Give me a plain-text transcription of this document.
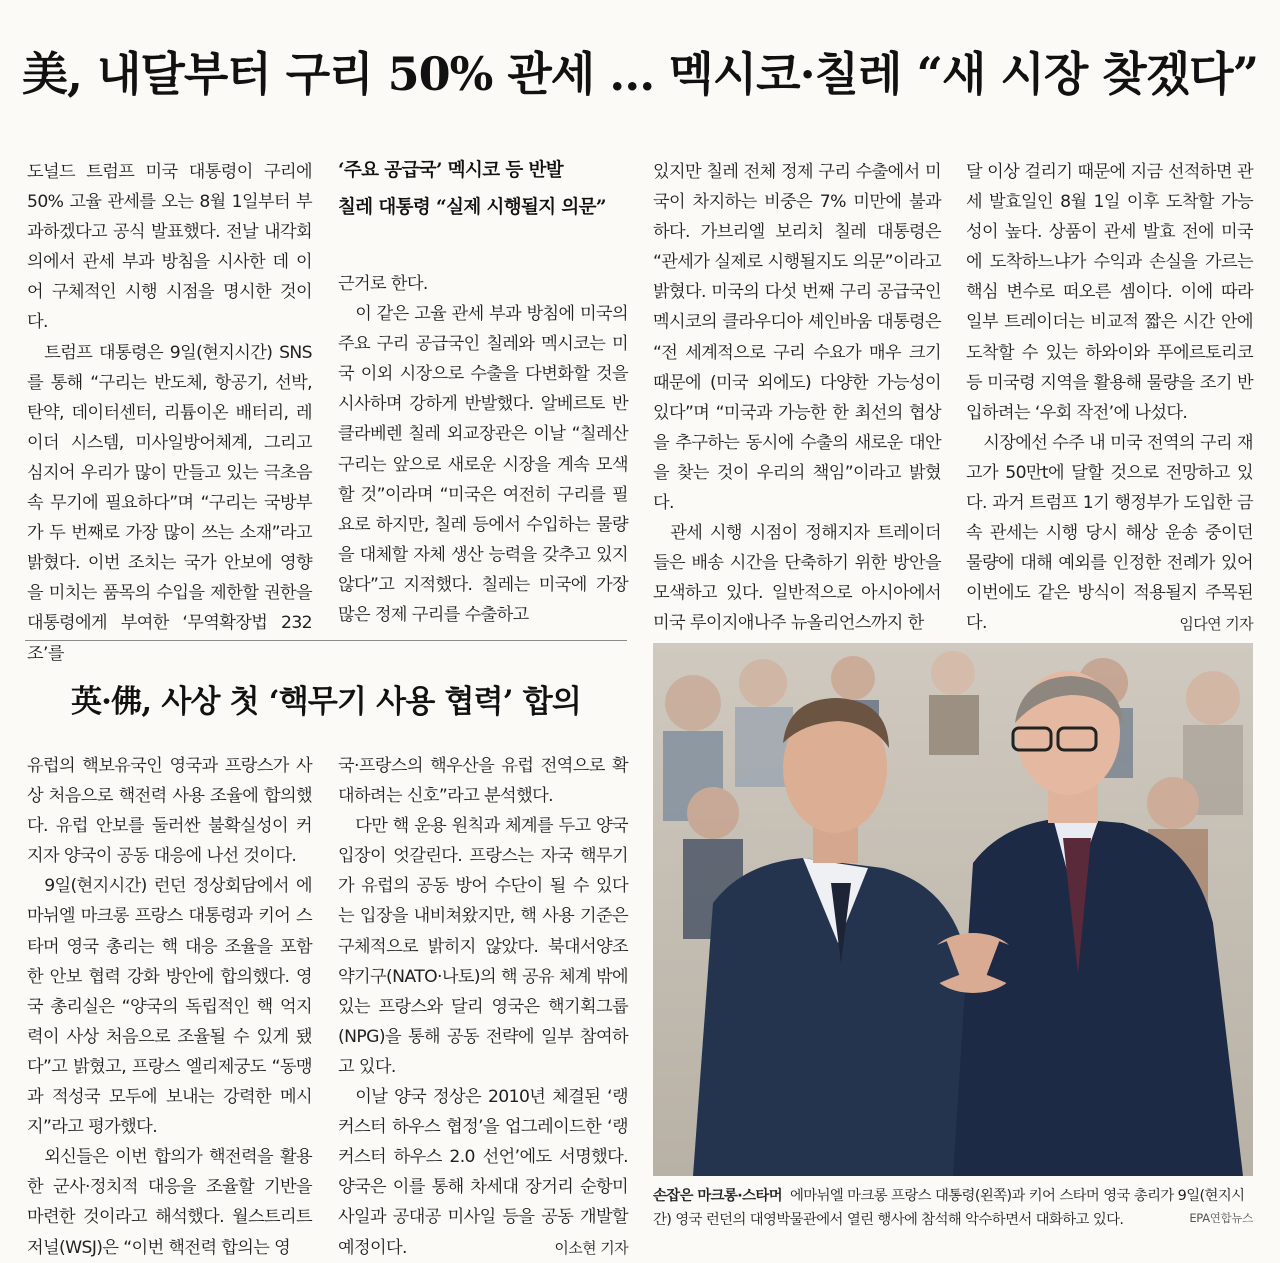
美, 내달부터 구리 50% 관세 … 멕시코·칠레 “새 시장 찾겠다”

도널드 트럼프 미국 대통령이 구리에 50% 고율 관세를 오는 8월 1일부터 부과하겠다고 공식 발표했다. 전날 내각회의에서 관세 부과 방침을 시사한 데 이어 구체적인 시행 시점을 명시한 것이다.

트럼프 대통령은 9일(현지시간) SNS를 통해 “구리는 반도체, 항공기, 선박, 탄약, 데이터센터, 리튬이온 배터리, 레이더 시스템, 미사일방어체계, 그리고 심지어 우리가 많이 만들고 있는 극초음속 무기에 필요하다”며 “구리는 국방부가 두 번째로 가장 많이 쓰는 소재”라고 밝혔다. 이번 조치는 국가 안보에 영향을 미치는 품목의 수입을 제한할 권한을 대통령에게 부여한 ‘무역확장법 232조’를

‘주요 공급국’ 멕시코 등 반발
칠레 대통령 “실제 시행될지 의문”

근거로 한다.

이 같은 고율 관세 부과 방침에 미국의 주요 구리 공급국인 칠레와 멕시코는 미국 이외 시장으로 수출을 다변화할 것을 시사하며 강하게 반발했다. 알베르토 반 클라베렌 칠레 외교장관은 이날 “칠레산 구리는 앞으로 새로운 시장을 계속 모색할 것”이라며 “미국은 여전히 구리를 필요로 하지만, 칠레 등에서 수입하는 물량을 대체할 자체 생산 능력을 갖추고 있지 않다”고 지적했다. 칠레는 미국에 가장 많은 정제 구리를 수출하고

있지만 칠레 전체 정제 구리 수출에서 미국이 차지하는 비중은 7% 미만에 불과하다. 가브리엘 보리치 칠레 대통령은 “관세가 실제로 시행될지도 의문”이라고 밝혔다. 미국의 다섯 번째 구리 공급국인 멕시코의 클라우디아 셰인바움 대통령은 “전 세계적으로 구리 수요가 매우 크기 때문에 (미국 외에도) 다양한 가능성이 있다”며 “미국과 가능한 한 최선의 협상을 추구하는 동시에 수출의 새로운 대안을 찾는 것이 우리의 책임”이라고 밝혔다.

관세 시행 시점이 정해지자 트레이더들은 배송 시간을 단축하기 위한 방안을 모색하고 있다. 일반적으로 아시아에서 미국 루이지애나주 뉴올리언스까지 한

달 이상 걸리기 때문에 지금 선적하면 관세 발효일인 8월 1일 이후 도착할 가능성이 높다. 상품이 관세 발효 전에 미국에 도착하느냐가 수익과 손실을 가르는 핵심 변수로 떠오른 셈이다. 이에 따라 일부 트레이더는 비교적 짧은 시간 안에 도착할 수 있는 하와이와 푸에르토리코 등 미국령 지역을 활용해 물량을 조기 반입하려는 ‘우회 작전’에 나섰다.

시장에선 수주 내 미국 전역의 구리 재고가 50만t에 달할 것으로 전망하고 있다. 과거 트럼프 1기 행정부가 도입한 금속 관세는 시행 당시 해상 운송 중이던 물량에 대해 예외를 인정한 전례가 있어 이번에도 같은 방식이 적용될지 주목된다.	임다연 기자

英·佛, 사상 첫 ‘핵무기 사용 협력’ 합의

유럽의 핵보유국인 영국과 프랑스가 사상 처음으로 핵전력 사용 조율에 합의했다. 유럽 안보를 둘러싼 불확실성이 커지자 양국이 공동 대응에 나선 것이다.

9일(현지시간) 런던 정상회담에서 에마뉘엘 마크롱 프랑스 대통령과 키어 스타머 영국 총리는 핵 대응 조율을 포함한 안보 협력 강화 방안에 합의했다. 영국 총리실은 “양국의 독립적인 핵 억지력이 사상 처음으로 조율될 수 있게 됐다”고 밝혔고, 프랑스 엘리제궁도 “동맹과 적성국 모두에 보내는 강력한 메시지”라고 평가했다.

외신들은 이번 합의가 핵전력을 활용한 군사·정치적 대응을 조율할 기반을 마련한 것이라고 해석했다. 월스트리트저널(WSJ)은 “이번 핵전력 합의는 영

국·프랑스의 핵우산을 유럽 전역으로 확대하려는 신호”라고 분석했다.

다만 핵 운용 원칙과 체계를 두고 양국 입장이 엇갈린다. 프랑스는 자국 핵무기가 유럽의 공동 방어 수단이 될 수 있다는 입장을 내비쳐왔지만, 핵 사용 기준은 구체적으로 밝히지 않았다. 북대서양조약기구(NATO·나토)의 핵 공유 체계 밖에 있는 프랑스와 달리 영국은 핵기획그룹(NPG)을 통해 공동 전략에 일부 참여하고 있다.

이날 양국 정상은 2010년 체결된 ‘랭커스터 하우스 협정’을 업그레이드한 ‘랭커스터 하우스 2.0 선언’에도 서명했다. 양국은 이를 통해 차세대 장거리 순항미사일과 공대공 미사일 등을 공동 개발할 예정이다.	이소현 기자

손잡은 마크롱·스타머 에마뉘엘 마크롱 프랑스 대통령(왼쪽)과 키어 스타머 영국 총리가 9일(현지시간) 영국 런던의 대영박물관에서 열린 행사에 참석해 악수하면서 대화하고 있다.	EPA연합뉴스
